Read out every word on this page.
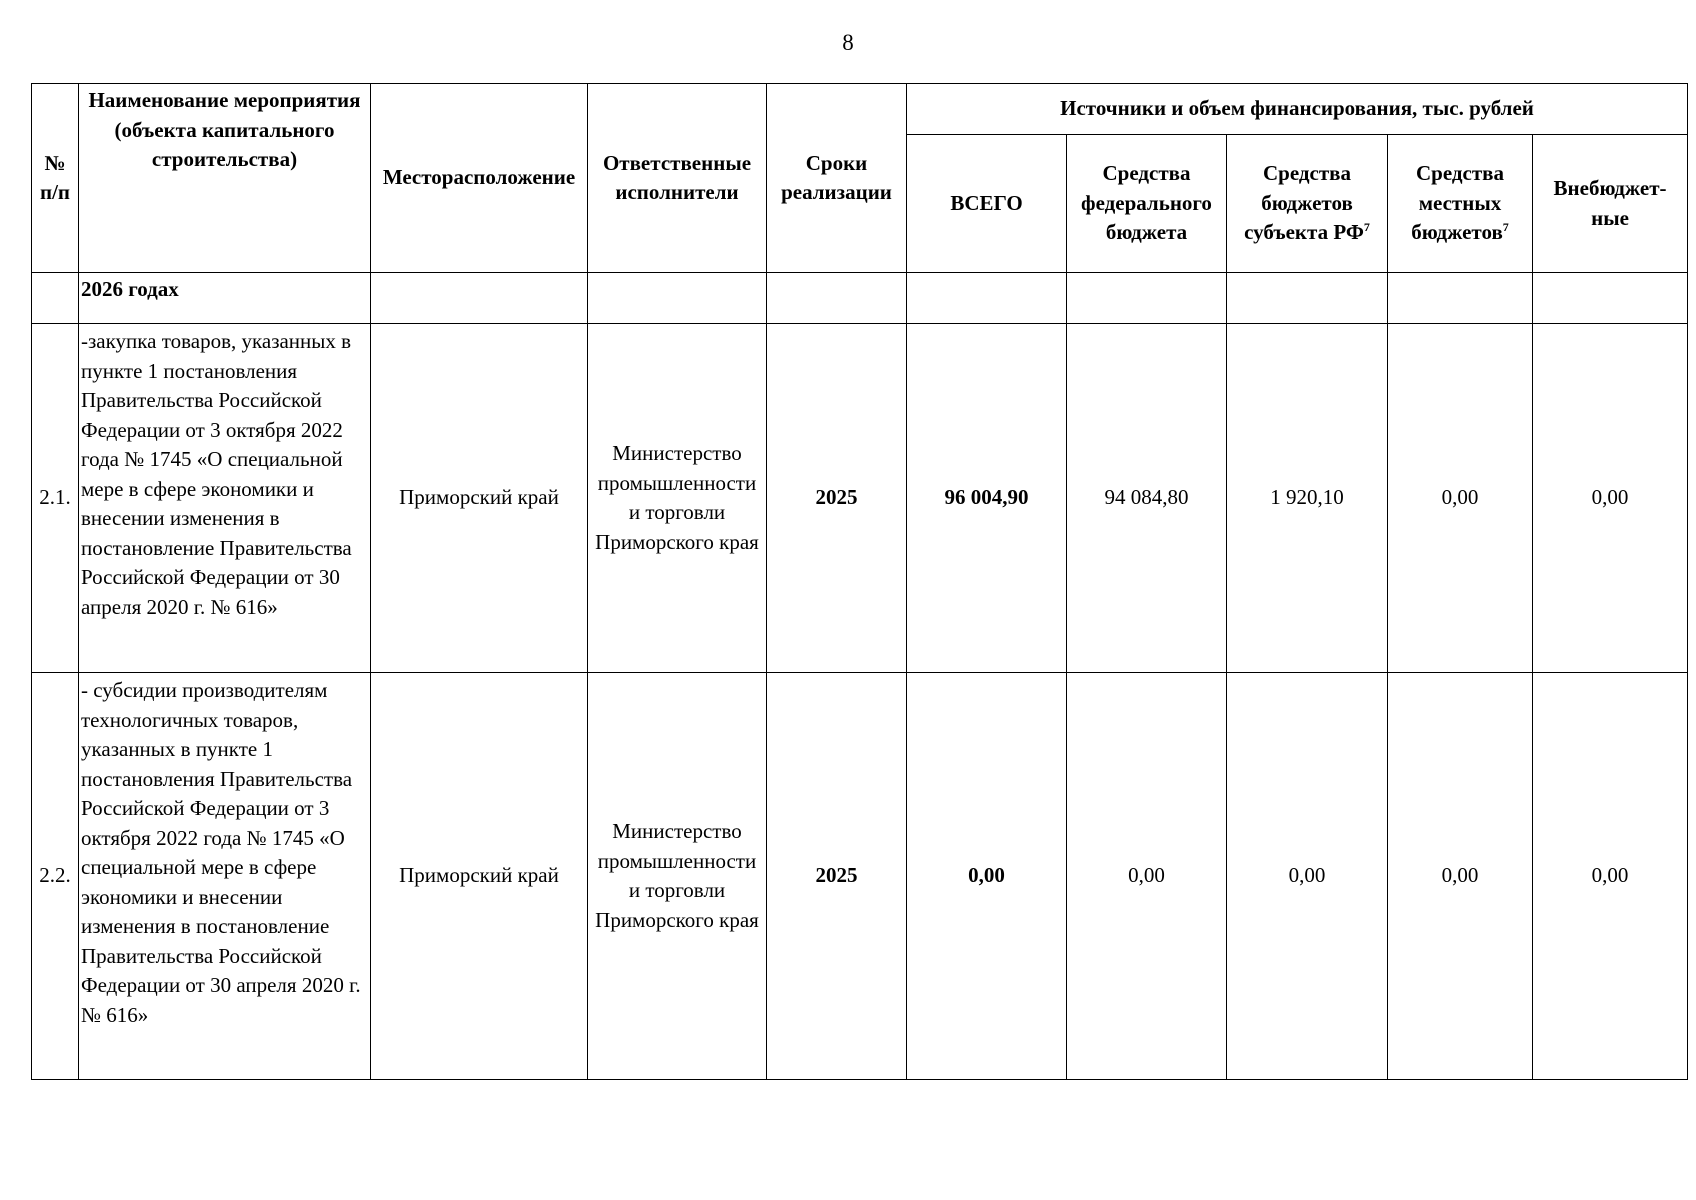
8
№ п/п	Наименование мероприятия (объекта капитального строительства)	Месторасположение	Ответственные исполнители	Сроки реализации	Источники и объем финансирования, тыс. рублей				
					ВСЕГО	Средства федерального бюджета	Средства бюджетов субъекта $РФ^7$	Средства местных бюджетов$^7$	Внебюджет-ные
	2026 годах								
2.1.	-закупка товаров, указанных в пункте 1 постановления Правительства Российской Федерации от 3 октября 2022 года № 1745 «О специальной мере в сфере экономики и внесении изменения в постановление Правительства Российской Федерации от 30 апреля 2020 г. № 616»	Приморский край	Министерство промышленности и торговли Приморского края	2025	96 004,90	94 084,80	1 920,10	0,00	0,00
2.2.	- субсидии производителям технологичных товаров, указанных в пункте 1 постановления Правительства Российской Федерации от 3 октября 2022 года № 1745 «О специальной мере в сфере экономики и внесении изменения в постановление Правительства Российской Федерации от 30 апреля 2020 г. № 616»	Приморский край	Министерство промышленности и торговли Приморского края	2025	0,00	0,00	0,00	0,00	0,00
